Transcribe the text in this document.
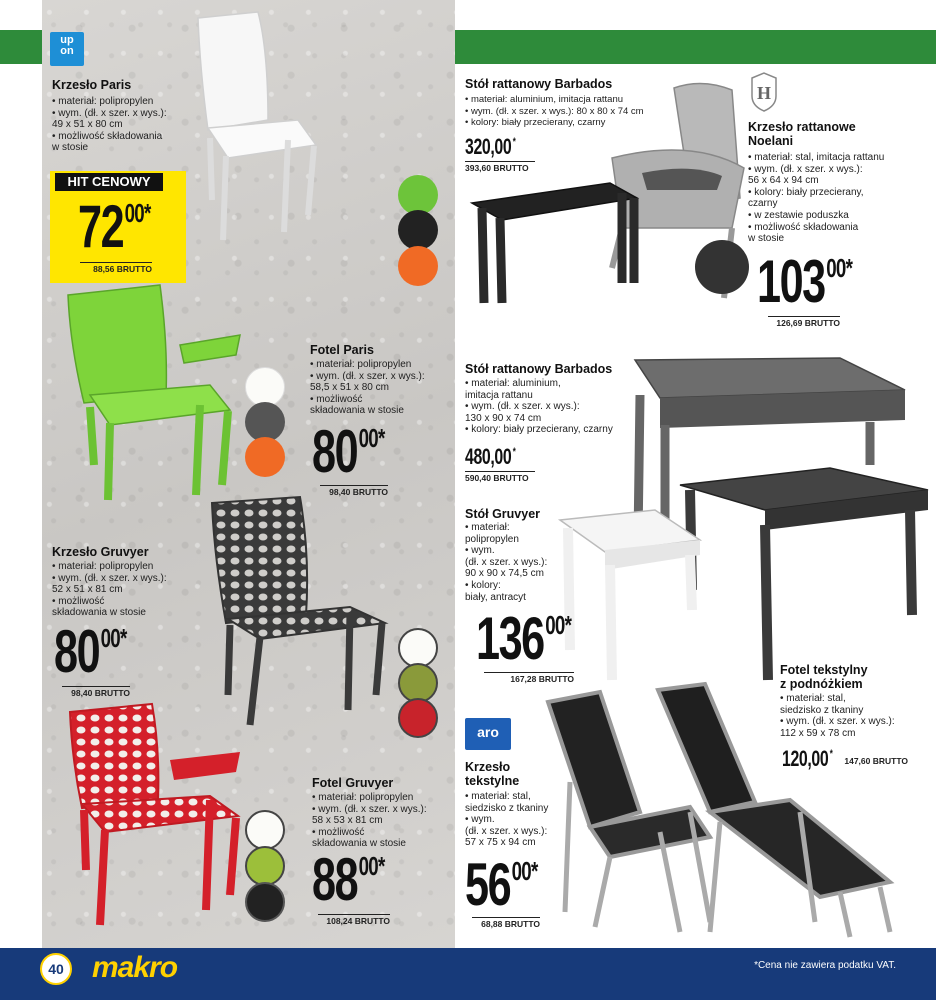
up
on
H
aro
Krzesło Paris
• materiał: polipropylen
• wym. (dł. x szer. x wys.):
49 x 51 x 80 cm
• możliwość składowania
w stosie
HIT CENOWY
7200*
88,56 BRUTTO
Fotel Paris
• materiał: polipropylen
• wym. (dł. x szer. x wys.):
58,5 x 51 x 80 cm
• możliwość
składowania w stosie
8000*
98,40 BRUTTO
Krzesło Gruvyer
• materiał: polipropylen
• wym. (dł. x szer. x wys.):
52 x 51 x 81 cm
• możliwość
składowania w stosie
8000*
98,40 BRUTTO
Fotel Gruvyer
• materiał: polipropylen
• wym. (dł. x szer. x wys.):
58 x 53 x 81 cm
• możliwość
składowania w stosie
8800*
108,24 BRUTTO
Stół rattanowy Barbados
• materiał: aluminium, imitacja rattanu
• wym. (dł. x szer. x wys.): 80 x 80 x 74 cm
• kolory: biały przecierany, czarny
320,00*
393,60 BRUTTO
Krzesło rattanowe
Noelani
• materiał: stal, imitacja rattanu
• wym. (dł. x szer. x wys.):
56 x 64 x 94 cm
• kolory: biały przecierany,
czarny
• w zestawie poduszka
• możliwość składowania
w stosie
10300*
126,69 BRUTTO
Stół rattanowy Barbados
• materiał: aluminium,
imitacja rattanu
• wym. (dł. x szer. x wys.):
130 x 90 x 74 cm
• kolory: biały przecierany, czarny
480,00*
590,40 BRUTTO
Stół Gruvyer
• materiał:
polipropylen
• wym.
(dł. x szer. x wys.):
90 x 90 x 74,5 cm
• kolory:
biały, antracyt
13600*
167,28 BRUTTO
Fotel tekstylny
z podnóżkiem
• materiał: stal,
siedzisko z tkaniny
• wym. (dł. x szer. x wys.):
112 x 59 x 78 cm
120,00*
147,60 BRUTTO
Krzesło
tekstylne
• materiał: stal,
siedzisko z tkaniny
• wym.
(dł. x szer. x wys.):
57 x 75 x 94 cm
5600*
68,88 BRUTTO
40 makro	*Cena nie zawiera podatku VAT.
